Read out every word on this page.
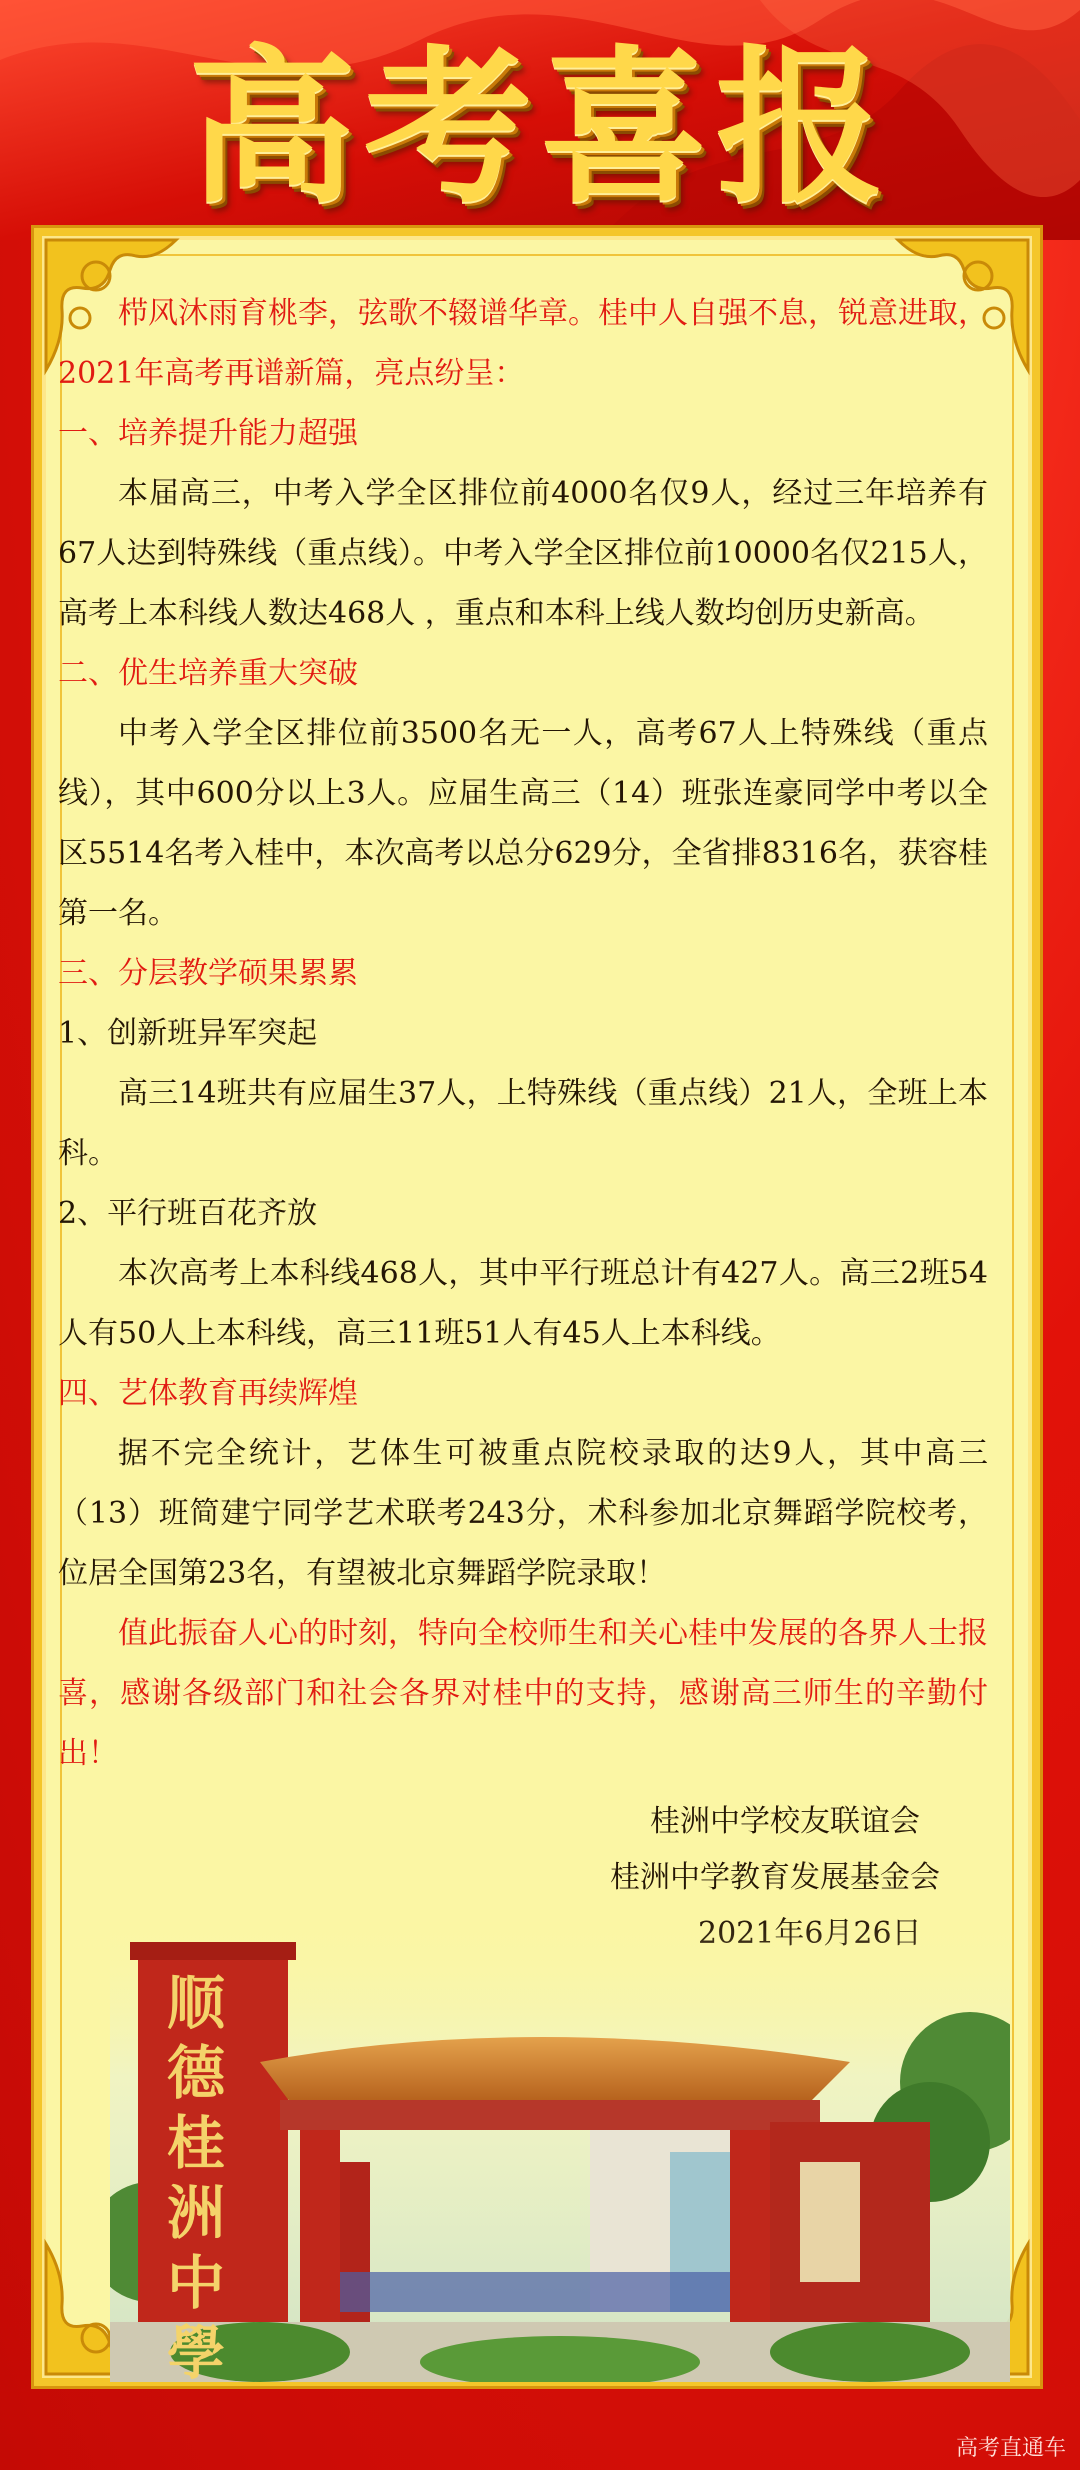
高考喜报

栉风沐雨育桃李，弦歌不辍谱华章。桂中人自强不息，锐意进取，2021年高考再谱新篇，亮点纷呈：

一、培养提升能力超强

本届高三，中考入学全区排位前4000名仅9人，经过三年培养有67人达到特殊线（重点线）。中考入学全区排位前10000名仅215人，高考上本科线人数达468人 ，重点和本科上线人数均创历史新高。

二、优生培养重大突破

中考入学全区排位前3500名无一人，高考67人上特殊线（重点线），其中600分以上3人。应届生高三（14）班张连豪同学中考以全区5514名考入桂中，本次高考以总分629分，全省排8316名，获容桂第一名。

三、分层教学硕果累累

1、创新班异军突起

高三14班共有应届生37人，上特殊线（重点线）21人，全班上本科。

2、平行班百花齐放

本次高考上本科线468人，其中平行班总计有427人。高三2班54人有50人上本科线，高三11班51人有45人上本科线。

四、艺体教育再续辉煌

据不完全统计，艺体生可被重点院校录取的达9人，其中高三（13）班简建宁同学艺术联考243分，术科参加北京舞蹈学院校考，位居全国第23名，有望被北京舞蹈学院录取！

值此振奋人心的时刻，特向全校师生和关心桂中发展的各界人士报喜，感谢各级部门和社会各界对桂中的支持，感谢高三师生的辛勤付出！

桂洲中学校友联谊会
桂洲中学教育发展基金会
顺
德
桂
洲
中
學
高考直通车
